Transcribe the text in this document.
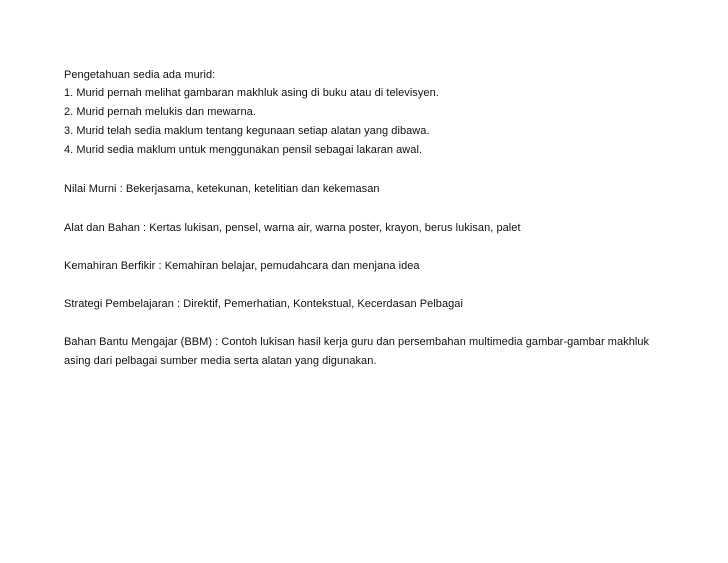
Pengetahuan sedia ada murid:
1. Murid pernah melihat gambaran makhluk asing di buku atau di televisyen.
2. Murid pernah melukis dan mewarna.
3. Murid telah sedia maklum tentang kegunaan setiap alatan yang dibawa.
4. Murid sedia maklum untuk menggunakan pensil sebagai lakaran awal.
Nilai Murni : Bekerjasama, ketekunan, ketelitian dan kekemasan
Alat dan Bahan : Kertas lukisan, pensel, warna air, warna poster, krayon, berus lukisan, palet
Kemahiran Berfikir : Kemahiran belajar, pemudahcara dan menjana idea
Strategi Pembelajaran : Direktif, Pemerhatian, Kontekstual, Kecerdasan Pelbagai
Bahan Bantu Mengajar (BBM) : Contoh lukisan hasil kerja guru dan persembahan multimedia gambar-gambar makhluk asing dari pelbagai sumber media serta alatan yang digunakan.
